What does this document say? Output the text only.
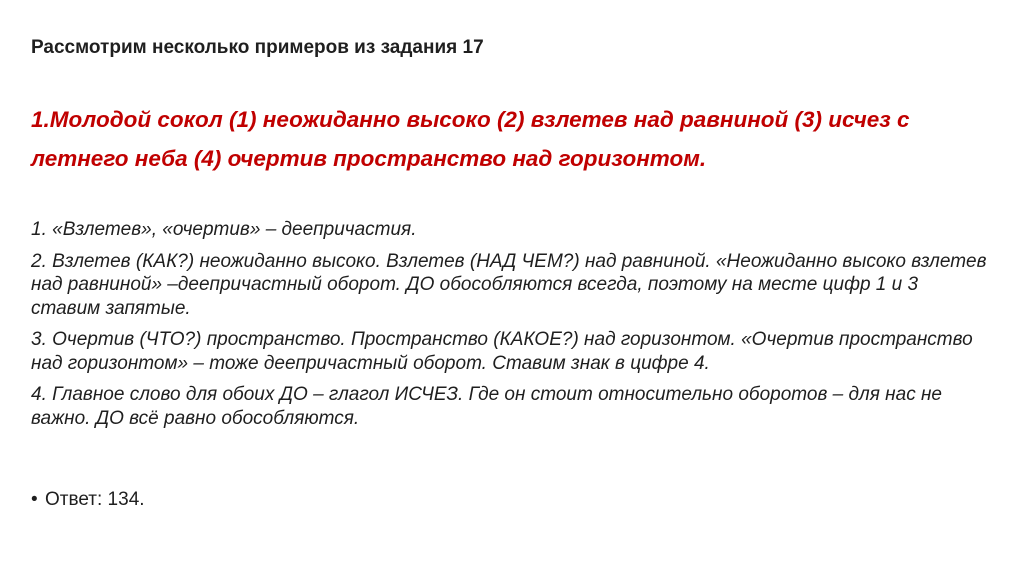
Рассмотрим несколько примеров из задания 17

1.Молодой сокол (1) неожиданно высоко (2) взлетев над равниной (3) исчез с летнего неба (4) очертив пространство над горизонтом.

1. «Взлетев», «очертив» – деепричастия.
2. Взлетев (КАК?) неожиданно высоко. Взлетев (НАД ЧЕМ?) над равниной. «Неожиданно высоко взлетев над равниной» –деепричастный оборот. ДО обособляются всегда, поэтому на месте цифр 1 и 3 ставим запятые.
3. Очертив (ЧТО?) пространство. Пространство (КАКОЕ?) над горизонтом. «Очертив пространство над горизонтом» – тоже деепричастный оборот. Ставим знак в цифре 4.
4. Главное слово для обоих ДО – глагол ИСЧЕЗ. Где он стоит относительно оборотов – для нас не важно. ДО всё равно обособляются.

• Ответ: 134.
